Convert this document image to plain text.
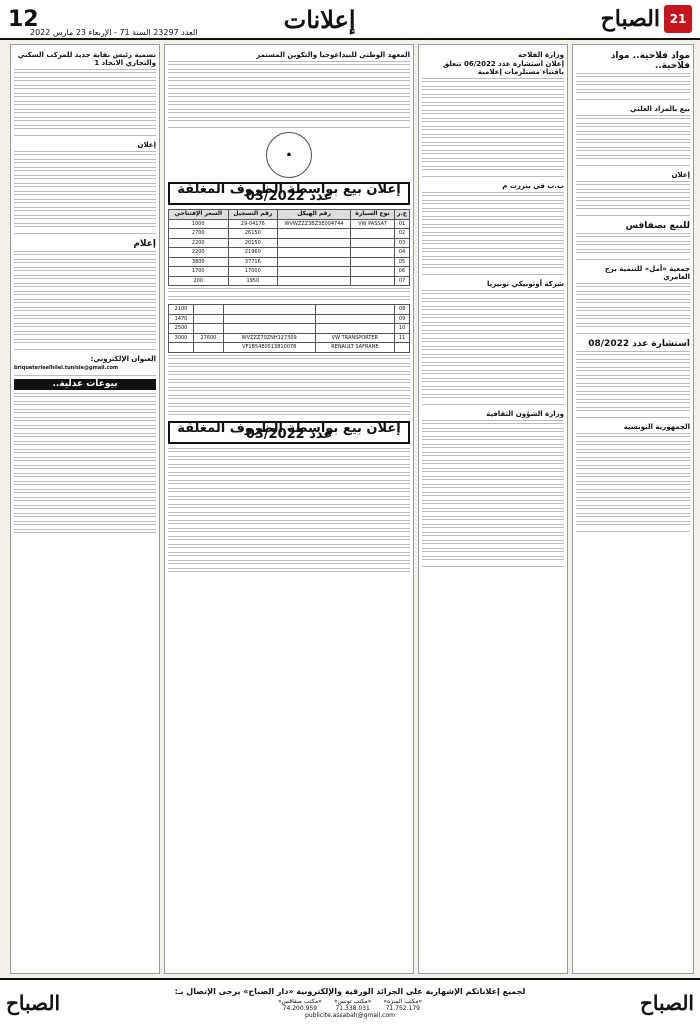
21
الصباح
إعلانات
12
العدد 23297 السنة 71 - الإربعاء 23 مارس 2022
مواد فلاحية.. مواد فلاحية..
بيع بالمزاد العلني
إعلان
للبيع بصفاقس
جمعية «أمل» للتنمية برج العامري
استشارة عدد 08/2022
الجمهورية التونسية
وزارة الفلاحة
إعلان استشارة عدد 06/2022 تتعلق باقتناء مستلزمات إعلامية
ب.ب في بنزرت م
شركة أوتوبيكي تونيزيا
وزارة الشؤون الثقافية
المعهد الوطني للبيداغوجيا والتكوين المستمر
☗
إعلان بيع بواسطة الظروف المغلقة عدد 03/2022
ع.ر	نوع السيارة	رقم الهيكل	رقم التسجيل	السعر الإفتتاحي
01	VW PASSAT	WVWZZZ3BZ3E004744	29-04176	1000
02			26150	2700
03			20150	2200
04			21960	2200
05			37716	3800
06			17000	1700
07			1950	200
08				2100
09				1470
10				2500
11	VW TRANSPORTER	WVZZZ70ZNH127309	27600	3000
	RENAULT SAFRANE	VF1B54E0513810078		
إعلان بيع بواسطة الظروف المغلقة عدد 03/2022
تسمية رئيس نقابة جديد للمركب السكني والتجاري الاتحاد 1
إعلان
إعلام
العنوان الإلكتروني:
briqueterieelhilel.tunisie@gmail.com
بيوعات عدلية..
الصباح
لجميع إعلاناتكم الإشهارية على الجرائد الورقية والإلكترونية «دار الصباح» يرجى الإتصال بـ:
«مكتب المنزه»
71.752.179
«مكتب تونس»
71.338.031
«مكتب صفاقس»
74.200.959
publicite.assabah@gmail.com
الصباح
